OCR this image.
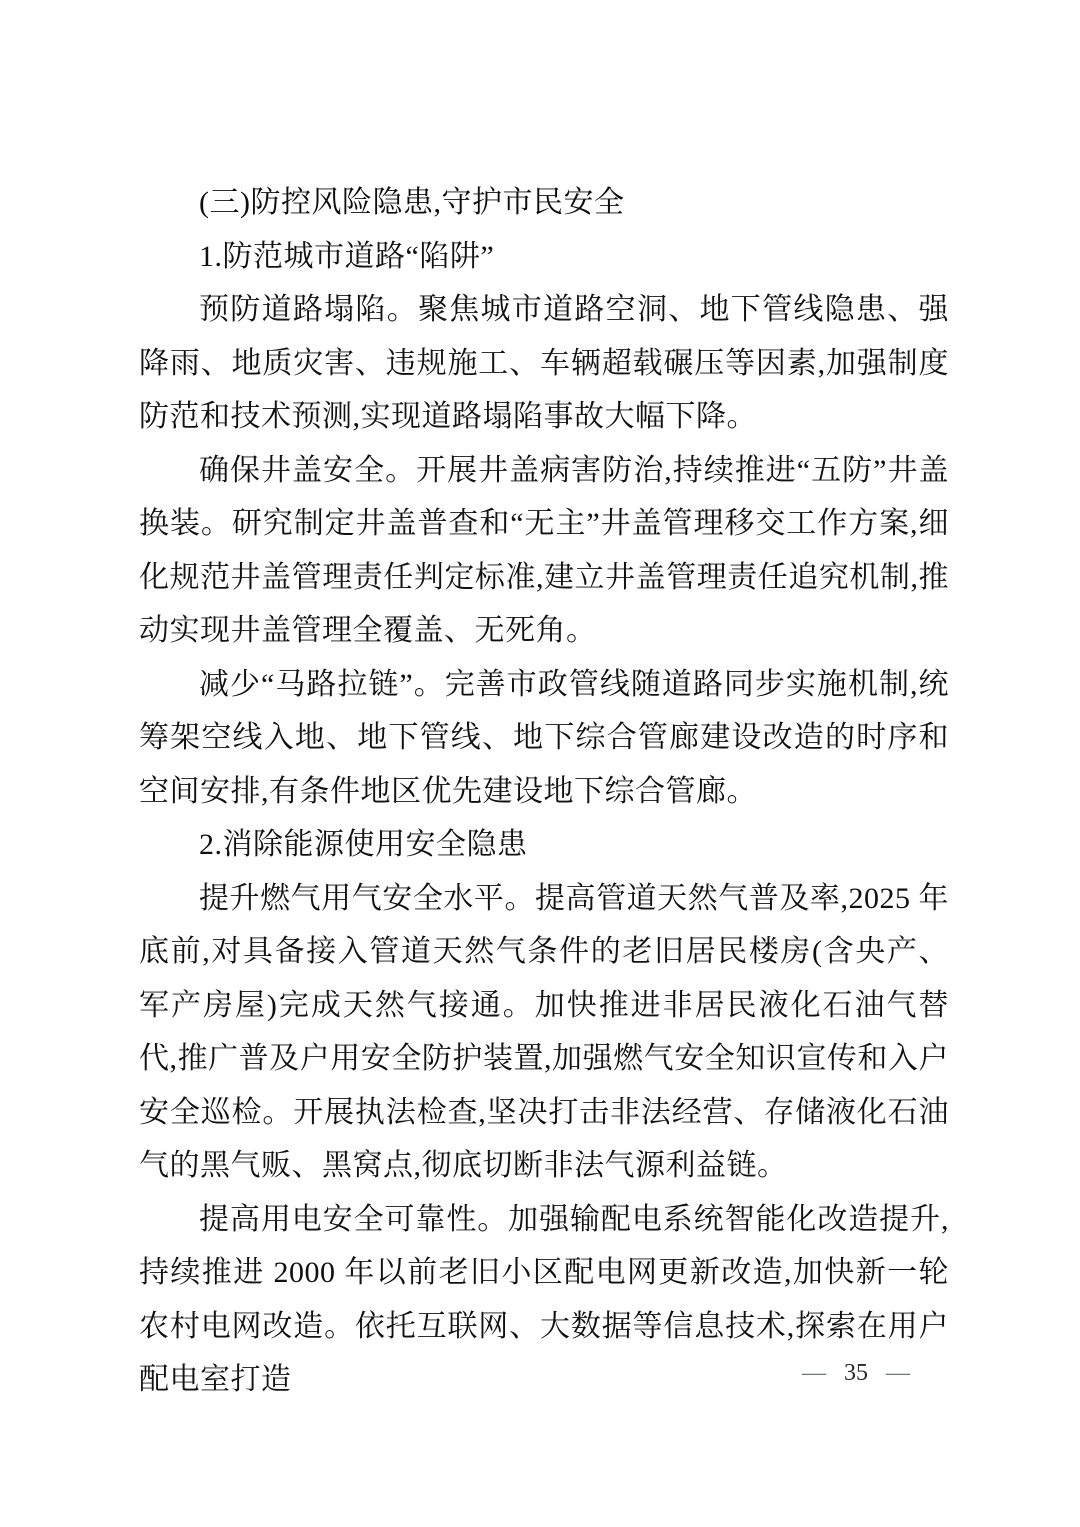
(三)防控风险隐患,守护市民安全

1.防范城市道路“陷阱”

预防道路塌陷。聚焦城市道路空洞、地下管线隐患、强降雨、地质灾害、违规施工、车辆超载碾压等因素,加强制度防范和技术预测,实现道路塌陷事故大幅下降。

确保井盖安全。开展井盖病害防治,持续推进“五防”井盖换装。研究制定井盖普查和“无主”井盖管理移交工作方案,细化规范井盖管理责任判定标准,建立井盖管理责任追究机制,推动实现井盖管理全覆盖、无死角。

减少“马路拉链”。完善市政管线随道路同步实施机制,统筹架空线入地、地下管线、地下综合管廊建设改造的时序和空间安排,有条件地区优先建设地下综合管廊。

2.消除能源使用安全隐患

提升燃气用气安全水平。提高管道天然气普及率,2025 年底前,对具备接入管道天然气条件的老旧居民楼房(含央产、军产房屋)完成天然气接通。加快推进非居民液化石油气替代,推广普及户用安全防护装置,加强燃气安全知识宣传和入户安全巡检。开展执法检查,坚决打击非法经营、存储液化石油气的黑气贩、黑窝点,彻底切断非法气源利益链。

提高用电安全可靠性。加强输配电系统智能化改造提升,持续推进 2000 年以前老旧小区配电网更新改造,加快新一轮农村电网改造。依托互联网、大数据等信息技术,探索在用户配电室打造	— 35 —
